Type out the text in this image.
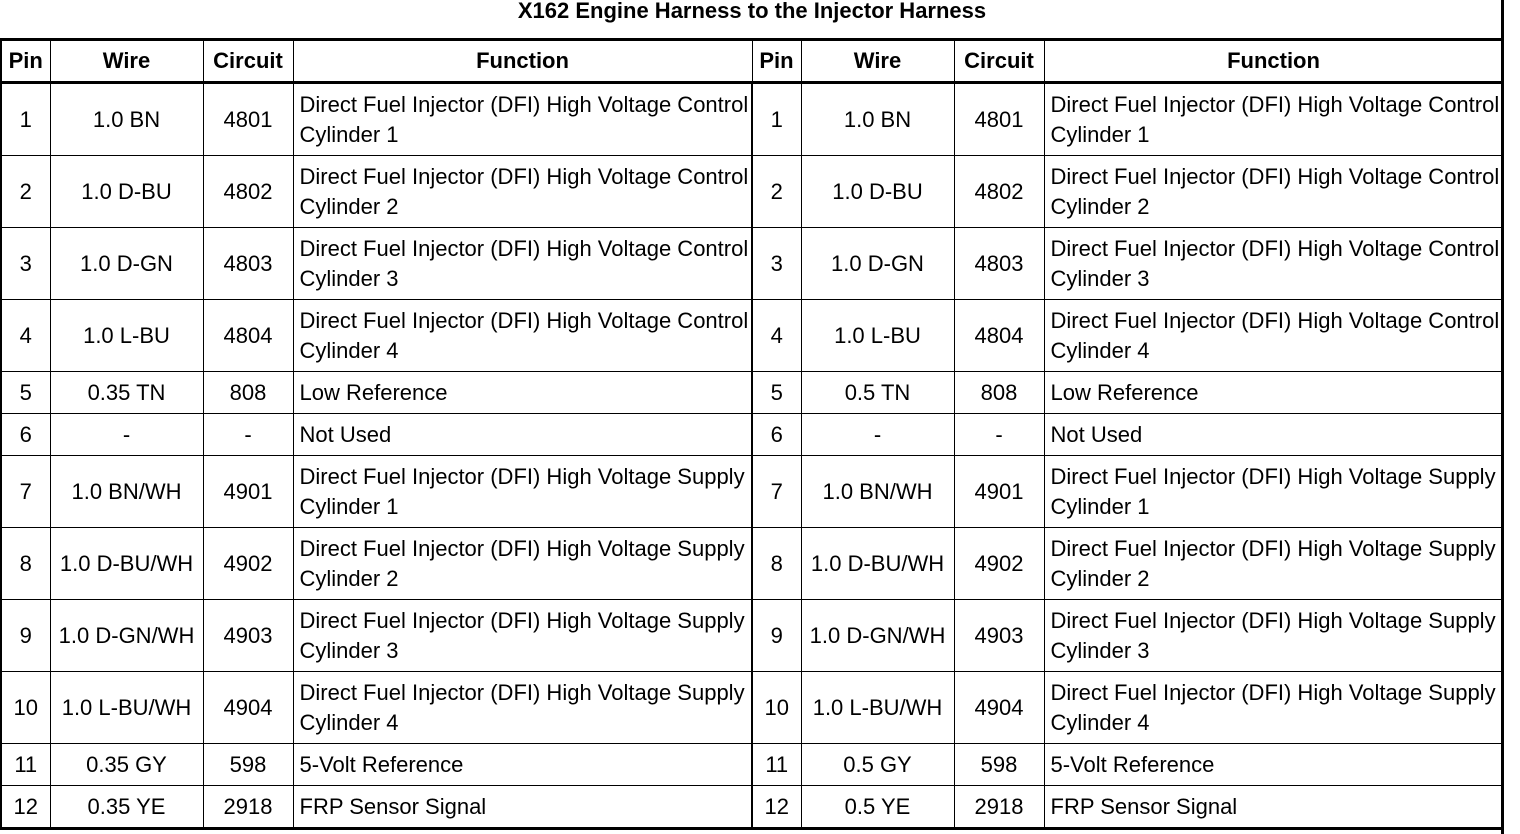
X162 Engine Harness to the Injector Harness
Pin	Wire	Circuit	Function	Pin	Wire	Circuit	Function
1	1.0 BN	4801	Direct Fuel Injector (DFI) High Voltage Control Cylinder 1	1	1.0 BN	4801	Direct Fuel Injector (DFI) High Voltage Control Cylinder 1
2	1.0 D-BU	4802	Direct Fuel Injector (DFI) High Voltage Control Cylinder 2	2	1.0 D-BU	4802	Direct Fuel Injector (DFI) High Voltage Control Cylinder 2
3	1.0 D-GN	4803	Direct Fuel Injector (DFI) High Voltage Control Cylinder 3	3	1.0 D-GN	4803	Direct Fuel Injector (DFI) High Voltage Control Cylinder 3
4	1.0 L-BU	4804	Direct Fuel Injector (DFI) High Voltage Control Cylinder 4	4	1.0 L-BU	4804	Direct Fuel Injector (DFI) High Voltage Control Cylinder 4
5	0.35 TN	808	Low Reference	5	0.5 TN	808	Low Reference
6	-	-	Not Used	6	-	-	Not Used
7	1.0 BN/WH	4901	Direct Fuel Injector (DFI) High Voltage Supply Cylinder 1	7	1.0 BN/WH	4901	Direct Fuel Injector (DFI) High Voltage Supply Cylinder 1
8	1.0 D-BU/WH	4902	Direct Fuel Injector (DFI) High Voltage Supply Cylinder 2	8	1.0 D-BU/WH	4902	Direct Fuel Injector (DFI) High Voltage Supply Cylinder 2
9	1.0 D-GN/WH	4903	Direct Fuel Injector (DFI) High Voltage Supply Cylinder 3	9	1.0 D-GN/WH	4903	Direct Fuel Injector (DFI) High Voltage Supply Cylinder 3
10	1.0 L-BU/WH	4904	Direct Fuel Injector (DFI) High Voltage Supply Cylinder 4	10	1.0 L-BU/WH	4904	Direct Fuel Injector (DFI) High Voltage Supply Cylinder 4
11	0.35 GY	598	5-Volt Reference	11	0.5 GY	598	5-Volt Reference
12	0.35 YE	2918	FRP Sensor Signal	12	0.5 YE	2918	FRP Sensor Signal
